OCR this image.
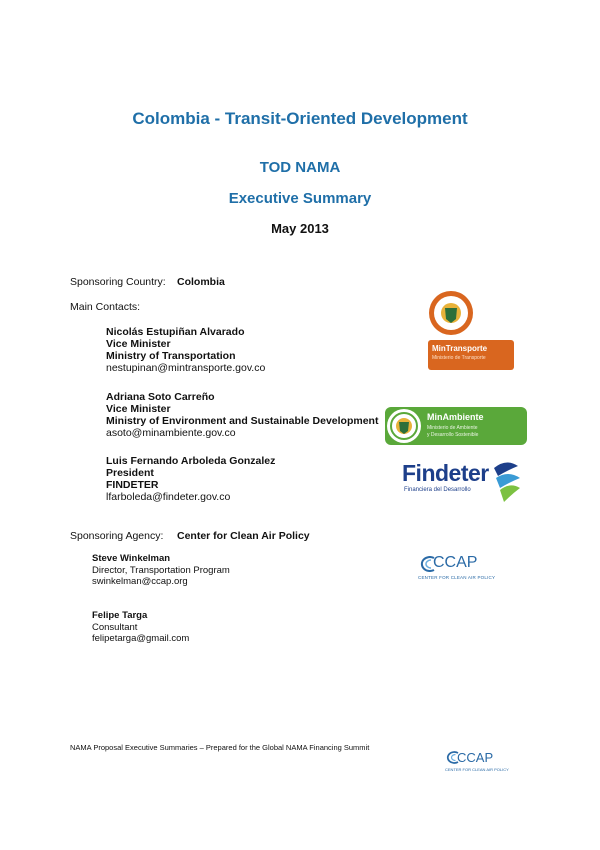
Colombia - Transit-Oriented Development
TOD NAMA
Executive Summary
May 2013
Sponsoring Country: Colombia
Main Contacts:
Nicolás Estupiñan Alvarado
Vice Minister
Ministry of Transportation
nestupinan@mintransporte.gov.co
Adriana Soto Carreño
Vice Minister
Ministry of Environment and Sustainable Development
asoto@minambiente.gov.co
Luis Fernando Arboleda Gonzalez
President
FINDETER
lfarboleda@findeter.gov.co
Sponsoring Agency: Center for Clean Air Policy
Steve Winkelman
Director, Transportation Program
swinkelman@ccap.org
Felipe Targa
Consultant
felipetarga@gmail.com
MinTransporte
Ministerio de Transporte
MinAmbiente
Ministerio de Ambiente
y Desarrollo Sostenible
Findeter
Financiera del Desarrollo
CCAP
CENTER FOR CLEAN AIR POLICY
NAMA Proposal Executive Summaries – Prepared for the Global NAMA Financing Summit
CCAP
CENTER FOR CLEAN AIR POLICY
